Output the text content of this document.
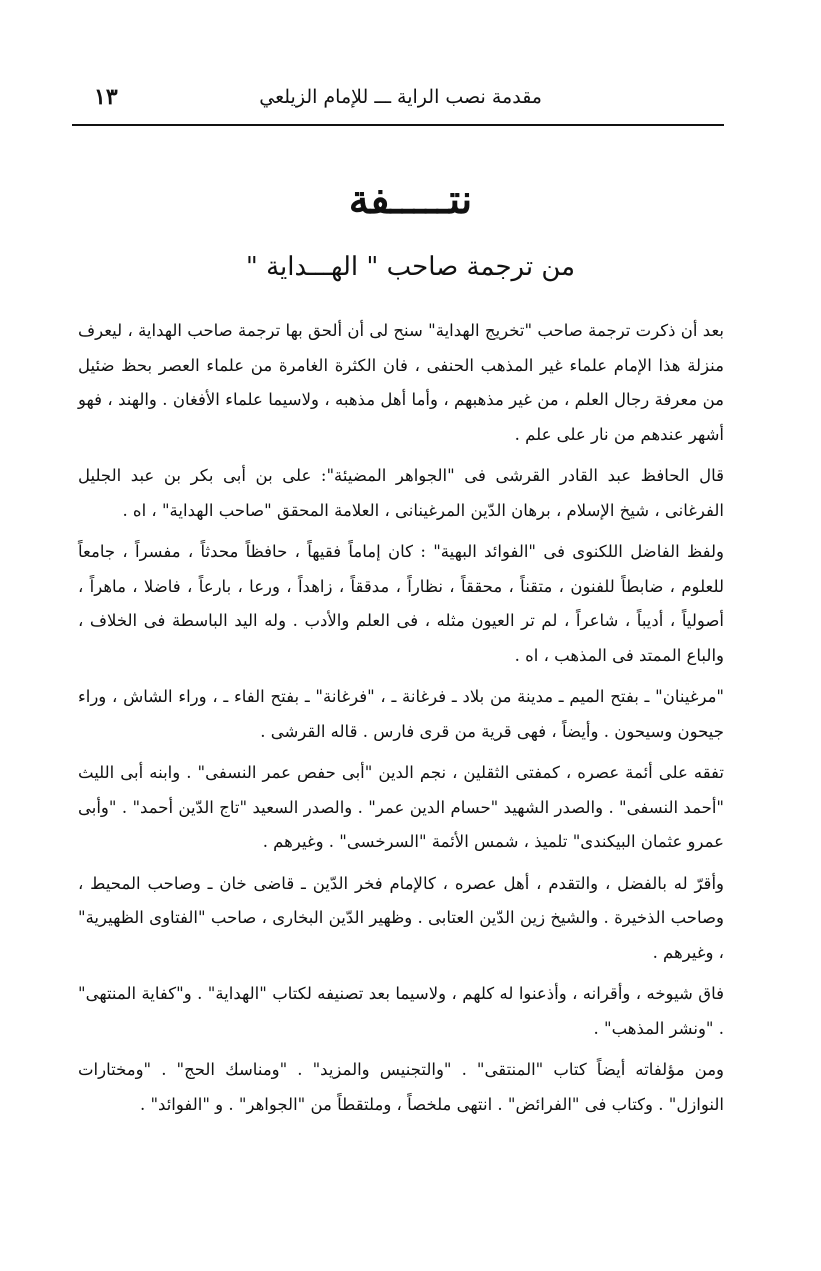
مقدمة نصب الراية ـــ للإمام الزيلعي
١٣
نتـــــفة
من ترجمة صاحب " الهـــداية "

بعد أن ذكرت ترجمة صاحب "تخريج الهداية" سنح لى أن ألحق بها ترجمة صاحب الهداية ، ليعرف منزلة هذا الإمام علماء غير المذهب الحنفى ، فان الكثرة الغامرة من علماء العصر بحظ ضئيل من معرفة رجال العلم ، من غير مذهبهم ، وأما أهل مذهبه ، ولاسيما علماء الأفغان . والهند ، فهو أشهر عندهم من نار على علم .

قال الحافظ عبد القادر القرشى فى "الجواهر المضيئة": على بن أبى بكر بن عبد الجليل الفرغانى ، شيخ الإسلام ، برهان الدّين المرغينانى ، العلامة المحقق "صاحب الهداية" ، اه .

ولفظ الفاضل اللكنوى فى "الفوائد البهية" : كان إماماً فقيهاً ، حافظاً محدثاً ، مفسراً ، جامعاً للعلوم ، ضابطاً للفنون ، متقناً ، محققاً ، نظاراً ، مدققاً ، زاهداً ، ورعا ، بارعاً ، فاضلا ، ماهراً ، أصولياً ، أديباً ، شاعراً ، لم تر العيون مثله ، فى العلم والأدب . وله اليد الباسطة فى الخلاف ، والباع الممتد فى المذهب ، اه .

"مرغينان" ـ بفتح الميم ـ مدينة من بلاد ـ فرغانة ـ ، "فرغانة" ـ بفتح الفاء ـ ، وراء الشاش ، وراء جيحون وسيحون . وأيضاً ، فهى قرية من قرى فارس . قاله القرشى .

تفقه على أئمة عصره ، كمفتى الثقلين ، نجم الدين "أبى حفص عمر النسفى" . وابنه أبى الليث "أحمد النسفى" . والصدر الشهيد "حسام الدين عمر" . والصدر السعيد "تاج الدّين أحمد" . "وأبى عمرو عثمان البيكندى" تلميذ ، شمس الأئمة "السرخسى" . وغيرهم .

وأقرّ له بالفضل ، والتقدم ، أهل عصره ، كالإمام فخر الدّين ـ قاضى خان ـ وصاحب المحيط ، وصاحب الذخيرة . والشيخ زين الدّين العتابى . وظهير الدّين البخارى ، صاحب "الفتاوى الظهيرية" ، وغيرهم .

فاق شيوخه ، وأقرانه ، وأذعنوا له كلهم ، ولاسيما بعد تصنيفه لكتاب "الهداية" . و"كفاية المنتهى" . "ونشر المذهب" .

ومن مؤلفاته أيضاً كتاب "المنتقى" . "والتجنيس والمزيد" . "ومناسك الحج" . "ومختارات النوازل" . وكتاب فى "الفرائض" . انتهى ملخصاً ، وملتقطاً من "الجواهر" . و "الفوائد" .
